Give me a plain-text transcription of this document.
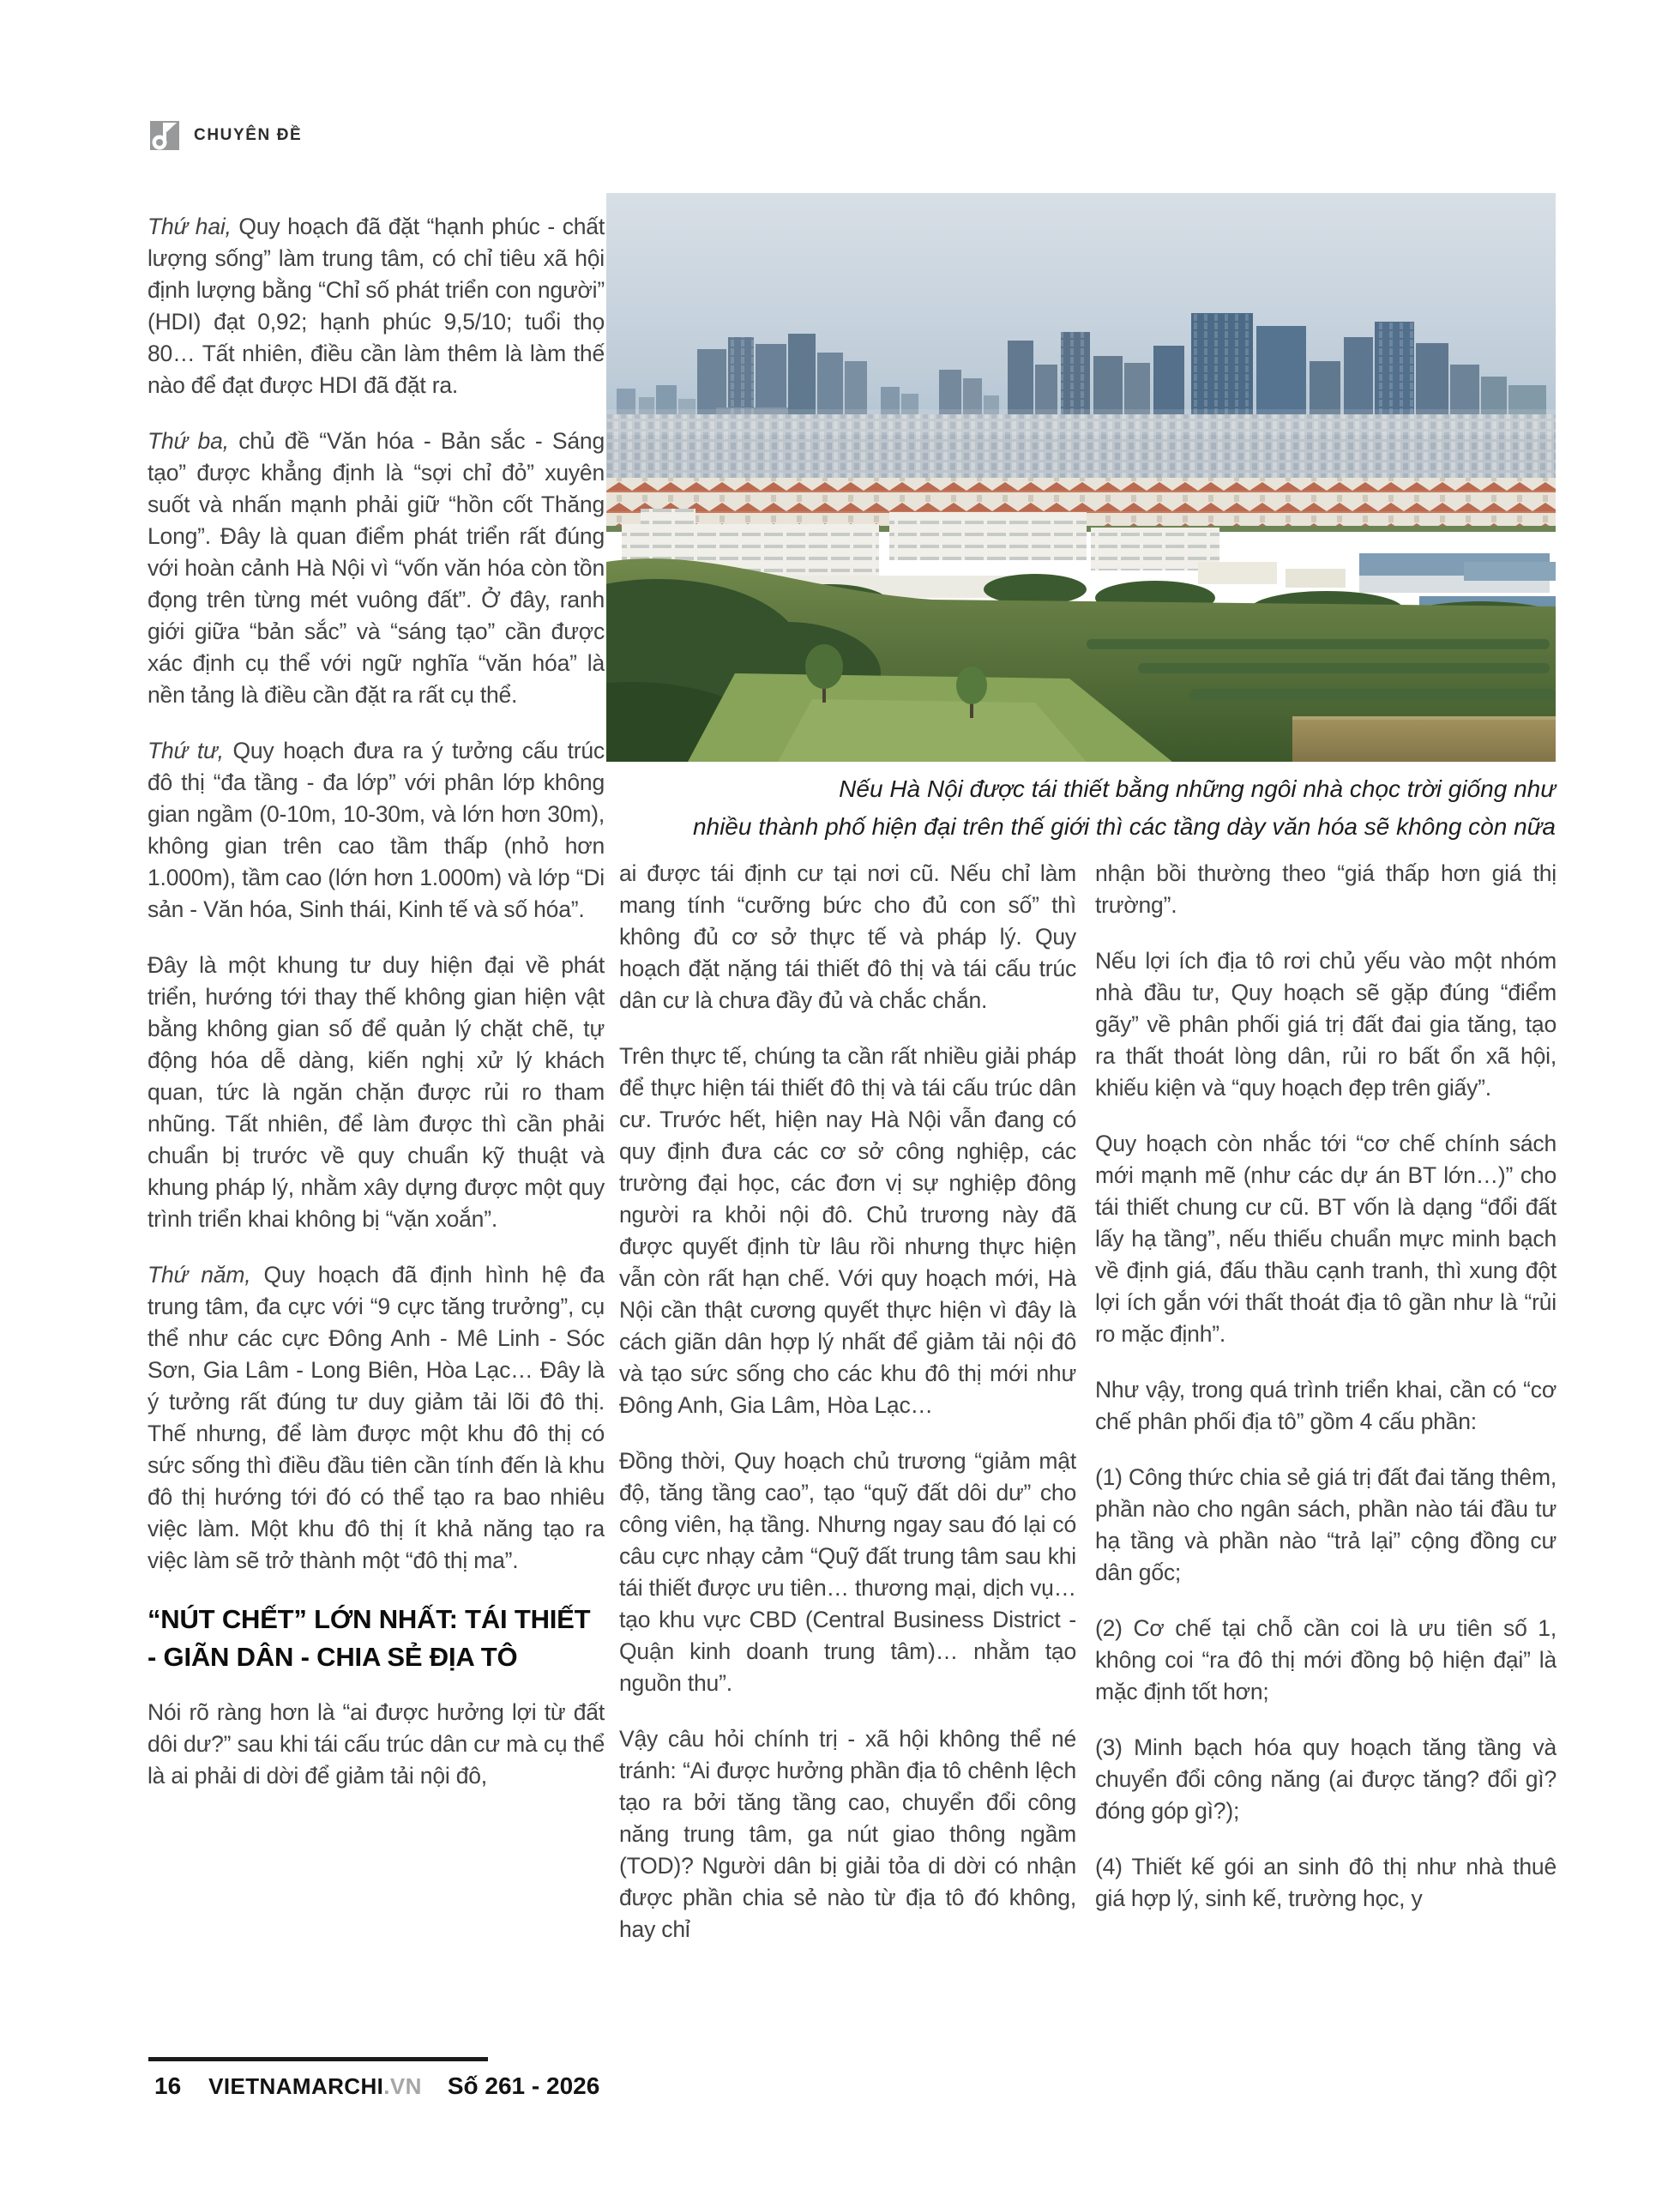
CHUYÊN ĐỀ
Nếu Hà Nội được tái thiết bằng những ngôi nhà chọc trời giống như
nhiều thành phố hiện đại trên thế giới thì các tầng dày văn hóa sẽ không còn nữa

Thứ hai, Quy hoạch đã đặt “hạnh phúc - chất lượng sống” làm trung tâm, có chỉ tiêu xã hội định lượng bằng “Chỉ số phát triển con người” (HDI) đạt 0,92; hạnh phúc 9,5/10; tuổi thọ 80… Tất nhiên, điều cần làm thêm là làm thế nào để đạt được HDI đã đặt ra.

Thứ ba, chủ đề “Văn hóa - Bản sắc - Sáng tạo” được khẳng định là “sợi chỉ đỏ” xuyên suốt và nhấn mạnh phải giữ “hồn cốt Thăng Long”. Đây là quan điểm phát triển rất đúng với hoàn cảnh Hà Nội vì “vốn văn hóa còn tồn đọng trên từng mét vuông đất”. Ở đây, ranh giới giữa “bản sắc” và “sáng tạo” cần được xác định cụ thể với ngữ nghĩa “văn hóa” là nền tảng là điều cần đặt ra rất cụ thể.

Thứ tư, Quy hoạch đưa ra ý tưởng cấu trúc đô thị “đa tầng - đa lớp” với phân lớp không gian ngầm (0-10m, 10-30m, và lớn hơn 30m), không gian trên cao tầm thấp (nhỏ hơn 1.000m), tầm cao (lớn hơn 1.000m) và lớp “Di sản - Văn hóa, Sinh thái, Kinh tế và số hóa”.

Đây là một khung tư duy hiện đại về phát triển, hướng tới thay thế không gian hiện vật bằng không gian số để quản lý chặt chẽ, tự động hóa dễ dàng, kiến nghị xử lý khách quan, tức là ngăn chặn được rủi ro tham nhũng. Tất nhiên, để làm được thì cần phải chuẩn bị trước về quy chuẩn kỹ thuật và khung pháp lý, nhằm xây dựng được một quy trình triển khai không bị “vặn xoắn”.

Thứ năm, Quy hoạch đã định hình hệ đa trung tâm, đa cực với “9 cực tăng trưởng”, cụ thể như các cực Đông Anh - Mê Linh - Sóc Sơn, Gia Lâm - Long Biên, Hòa Lạc… Đây là ý tưởng rất đúng tư duy giảm tải lõi đô thị. Thế nhưng, để làm được một khu đô thị có sức sống thì điều đầu tiên cần tính đến là khu đô thị hướng tới đó có thể tạo ra bao nhiêu việc làm. Một khu đô thị ít khả năng tạo ra việc làm sẽ trở thành một “đô thị ma”.

“NÚT CHẾT” LỚN NHẤT: TÁI THIẾT - GIÃN DÂN - CHIA SẺ ĐỊA TÔ

Nói rõ ràng hơn là “ai được hưởng lợi từ đất dôi dư?” sau khi tái cấu trúc dân cư mà cụ thể là ai phải di dời để giảm tải nội đô,

ai được tái định cư tại nơi cũ. Nếu chỉ làm mang tính “cưỡng bức cho đủ con số” thì không đủ cơ sở thực tế và pháp lý. Quy hoạch đặt nặng tái thiết đô thị và tái cấu trúc dân cư là chưa đầy đủ và chắc chắn.

Trên thực tế, chúng ta cần rất nhiều giải pháp để thực hiện tái thiết đô thị và tái cấu trúc dân cư. Trước hết, hiện nay Hà Nội vẫn đang có quy định đưa các cơ sở công nghiệp, các trường đại học, các đơn vị sự nghiệp đông người ra khỏi nội đô. Chủ trương này đã được quyết định từ lâu rồi nhưng thực hiện vẫn còn rất hạn chế. Với quy hoạch mới, Hà Nội cần thật cương quyết thực hiện vì đây là cách giãn dân hợp lý nhất để giảm tải nội đô và tạo sức sống cho các khu đô thị mới như Đông Anh, Gia Lâm, Hòa Lạc…

Đồng thời, Quy hoạch chủ trương “giảm mật độ, tăng tầng cao”, tạo “quỹ đất dôi dư” cho công viên, hạ tầng. Nhưng ngay sau đó lại có câu cực nhạy cảm “Quỹ đất trung tâm sau khi tái thiết được ưu tiên… thương mại, dịch vụ… tạo khu vực CBD (Central Business District - Quận kinh doanh trung tâm)… nhằm tạo nguồn thu”.

Vậy câu hỏi chính trị - xã hội không thể né tránh: “Ai được hưởng phần địa tô chênh lệch tạo ra bởi tăng tầng cao, chuyển đổi công năng trung tâm, ga nút giao thông ngầm (TOD)? Người dân bị giải tỏa di dời có nhận được phần chia sẻ nào từ địa tô đó không, hay chỉ

nhận bồi thường theo “giá thấp hơn giá thị trường”.

Nếu lợi ích địa tô rơi chủ yếu vào một nhóm nhà đầu tư, Quy hoạch sẽ gặp đúng “điểm gãy” về phân phối giá trị đất đai gia tăng, tạo ra thất thoát lòng dân, rủi ro bất ổn xã hội, khiếu kiện và “quy hoạch đẹp trên giấy”.

Quy hoạch còn nhắc tới “cơ chế chính sách mới mạnh mẽ (như các dự án BT lớn…)” cho tái thiết chung cư cũ. BT vốn là dạng “đổi đất lấy hạ tầng”, nếu thiếu chuẩn mực minh bạch về định giá, đấu thầu cạnh tranh, thì xung đột lợi ích gắn với thất thoát địa tô gần như là “rủi ro mặc định”.

Như vậy, trong quá trình triển khai, cần có “cơ chế phân phối địa tô” gồm 4 cấu phần:

(1) Công thức chia sẻ giá trị đất đai tăng thêm, phần nào cho ngân sách, phần nào tái đầu tư hạ tầng và phần nào “trả lại” cộng đồng cư dân gốc;

(2) Cơ chế tại chỗ cần coi là ưu tiên số 1, không coi “ra đô thị mới đồng bộ hiện đại” là mặc định tốt hơn;

(3) Minh bạch hóa quy hoạch tăng tầng và chuyển đổi công năng (ai được tăng? đổi gì? đóng góp gì?);

(4) Thiết kế gói an sinh đô thị như nhà thuê giá hợp lý, sinh kế, trường học, y

16	VIETNAMARCHI.VN	Số 261 - 2026
